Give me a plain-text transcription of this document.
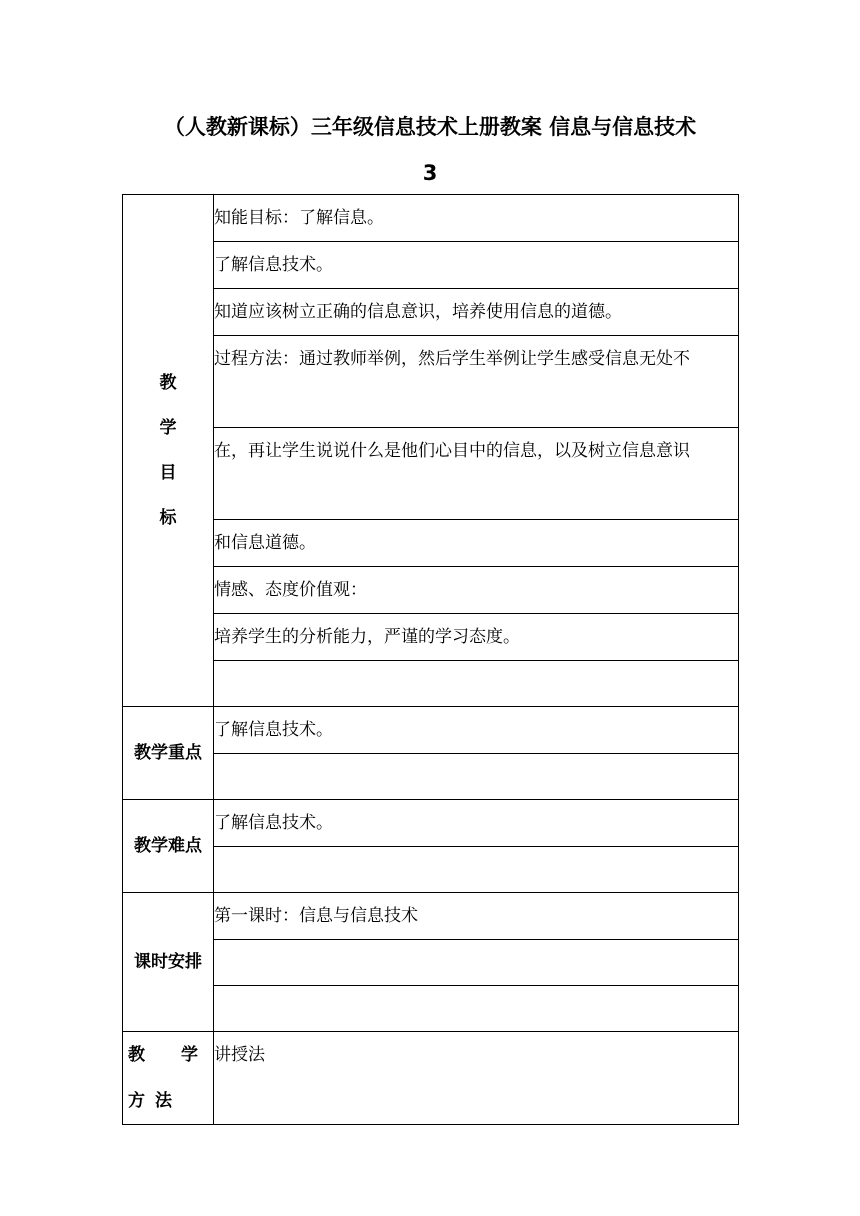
（人教新课标）三年级信息技术上册教案 信息与信息技术
3
教学目标	知能目标：了解信息。
	了解信息技术。
	知道应该树立正确的信息意识，培养使用信息的道德。
	过程方法：通过教师举例，然后学生举例让学生感受信息无处不
	在，再让学生说说什么是他们心目中的信息，以及树立信息意识
	和信息道德。
	情感、态度价值观：
	培养学生的分析能力，严谨的学习态度。

教学重点	了解信息技术。

教学难点	了解信息技术。

课时安排	第一课时：信息与信息技术

教学方法	讲授法
